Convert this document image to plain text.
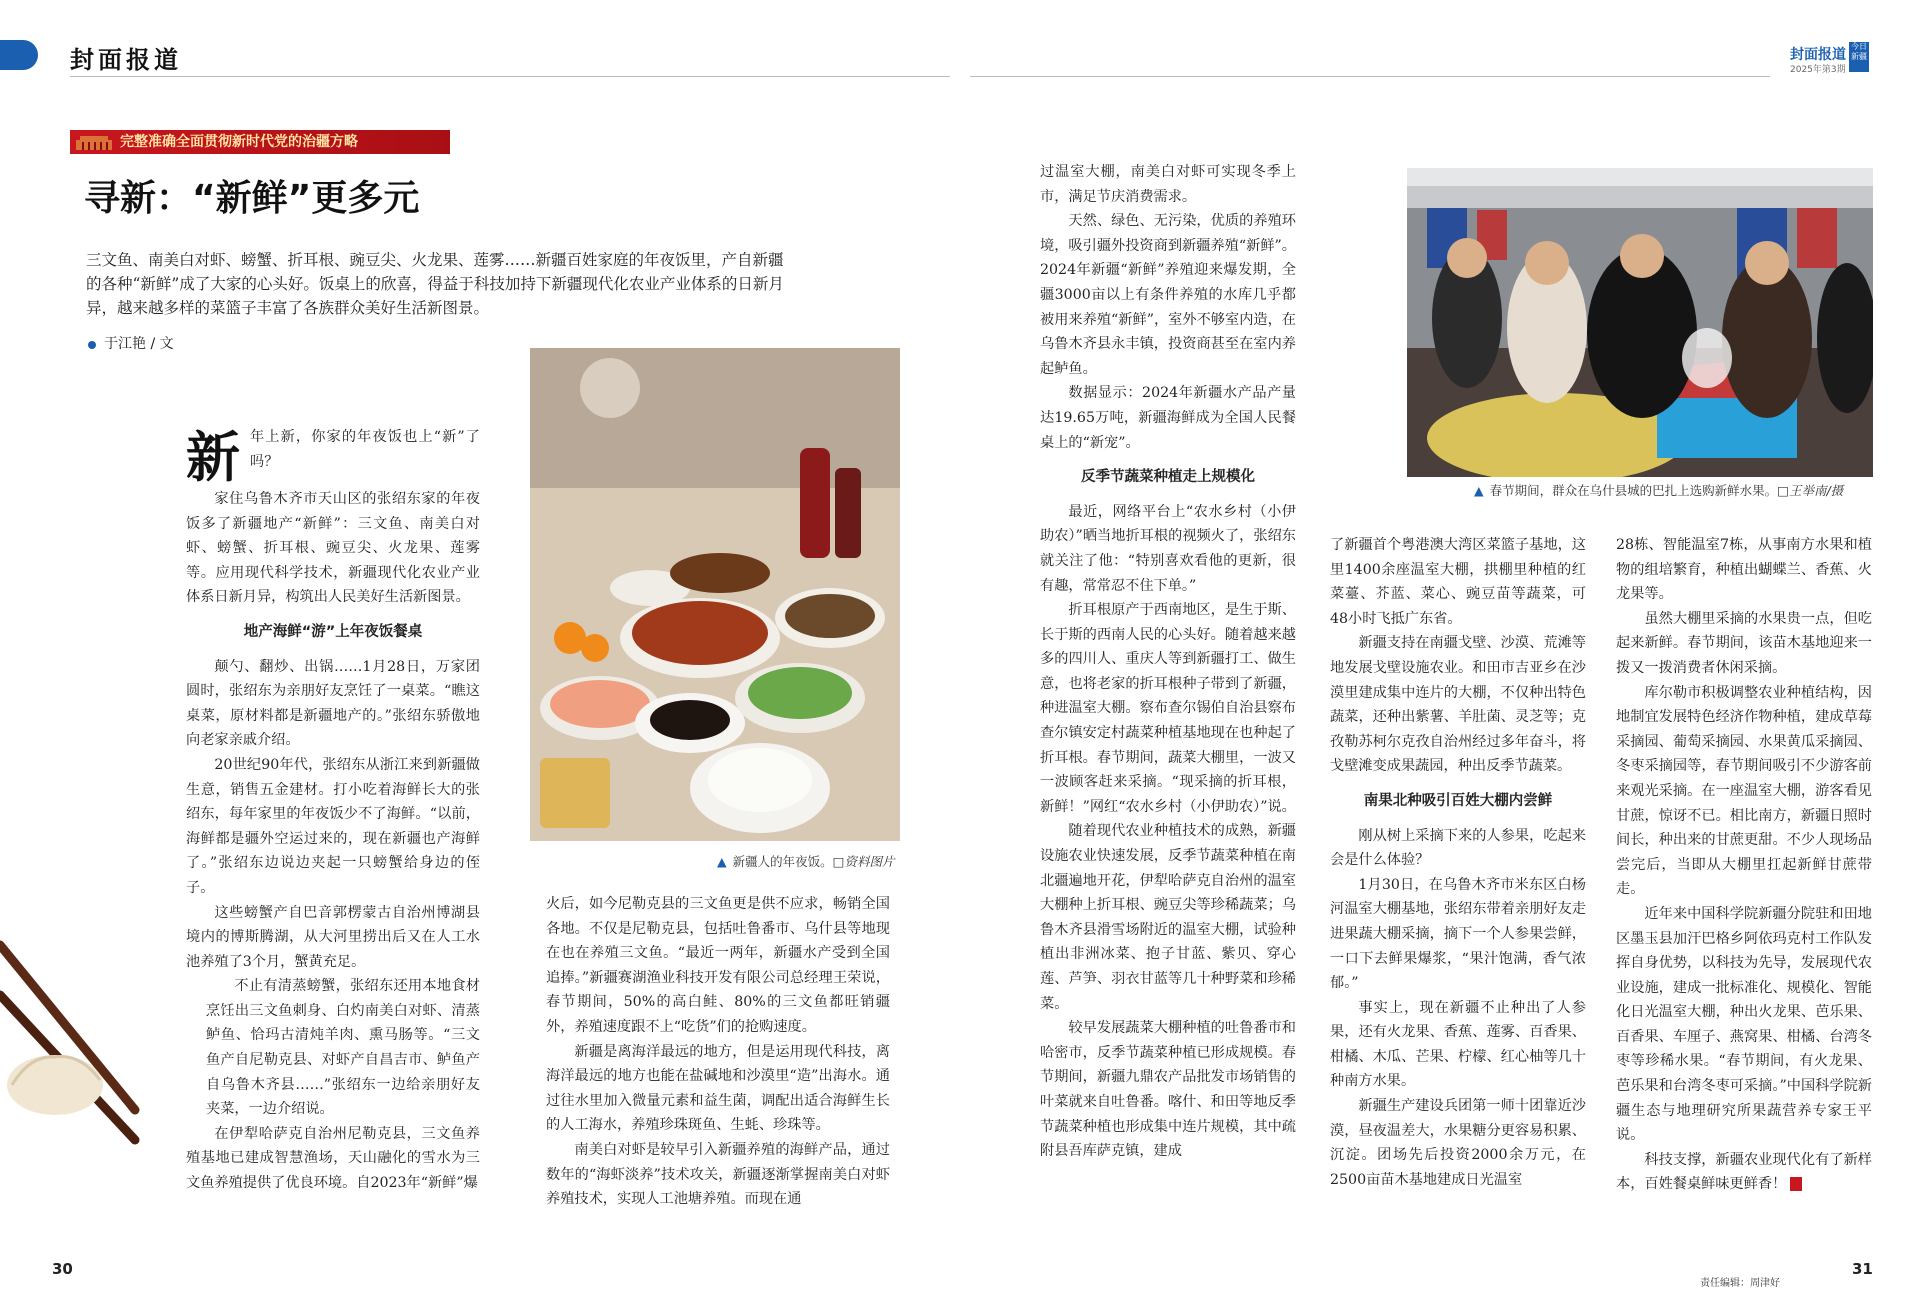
封面报道	封面报道
2025年第3期
今日新疆
完整准确全面贯彻新时代党的治疆方略
寻新：“新鲜”更多元
三文鱼、南美白对虾、螃蟹、折耳根、豌豆尖、火龙果、莲雾……新疆百姓家庭的年夜饭里，产自新疆的各种“新鲜”成了大家的心头好。饭桌上的欣喜，得益于科技加持下新疆现代化农业产业体系的日新月异，越来越多样的菜篮子丰富了各族群众美好生活新图景。
于江艳 / 文
▲ 新疆人的年夜饭。□资料图片
▲ 春节期间，群众在乌什县城的巴扎上选购新鲜水果。□王举南/摄
新 年上新，你家的年夜饭也上“新”了吗？

家住乌鲁木齐市天山区的张绍东家的年夜饭多了新疆地产“新鲜”：三文鱼、南美白对虾、螃蟹、折耳根、豌豆尖、火龙果、莲雾等。应用现代科学技术，新疆现代化农业产业体系日新月异，构筑出人民美好生活新图景。

地产海鲜“游”上年夜饭餐桌

颠勺、翻炒、出锅……1月28日，万家团圆时，张绍东为亲朋好友烹饪了一桌菜。“瞧这桌菜，原材料都是新疆地产的。”张绍东骄傲地向老家亲戚介绍。

20世纪90年代，张绍东从浙江来到新疆做生意，销售五金建材。打小吃着海鲜长大的张绍东，每年家里的年夜饭少不了海鲜。“以前，海鲜都是疆外空运过来的，现在新疆也产海鲜了。”张绍东边说边夹起一只螃蟹给身边的侄子。

这些螃蟹产自巴音郭楞蒙古自治州博湖县境内的博斯腾湖，从大河里捞出后又在人工水池养殖了3个月，蟹黄充足。

不止有清蒸螃蟹，张绍东还用本地食材烹饪出三文鱼刺身、白灼南美白对虾、清蒸鲈鱼、恰玛古清炖羊肉、熏马肠等。“三文鱼产自尼勒克县、对虾产自昌吉市、鲈鱼产自乌鲁木齐县……”张绍东一边给亲朋好友夹菜，一边介绍说。

在伊犁哈萨克自治州尼勒克县，三文鱼养殖基地已建成智慧渔场，天山融化的雪水为三文鱼养殖提供了优良环境。自2023年“新鲜”爆

火后，如今尼勒克县的三文鱼更是供不应求，畅销全国各地。不仅是尼勒克县，包括吐鲁番市、乌什县等地现在也在养殖三文鱼。“最近一两年，新疆水产受到全国追捧。”新疆赛湖渔业科技开发有限公司总经理王荣说，春节期间，50%的高白鲑、80%的三文鱼都旺销疆外，养殖速度跟不上“吃货”们的抢购速度。

新疆是离海洋最远的地方，但是运用现代科技，离海洋最远的地方也能在盐碱地和沙漠里“造”出海水。通过往水里加入微量元素和益生菌，调配出适合海鲜生长的人工海水，养殖珍珠斑鱼、生蚝、珍珠等。

南美白对虾是较早引入新疆养殖的海鲜产品，通过数年的“海虾淡养”技术攻关，新疆逐渐掌握南美白对虾养殖技术，实现人工池塘养殖。而现在通

过温室大棚，南美白对虾可实现冬季上市，满足节庆消费需求。

天然、绿色、无污染，优质的养殖环境，吸引疆外投资商到新疆养殖“新鲜”。2024年新疆“新鲜”养殖迎来爆发期，全疆3000亩以上有条件养殖的水库几乎都被用来养殖“新鲜”，室外不够室内造，在乌鲁木齐县永丰镇，投资商甚至在室内养起鲈鱼。

数据显示：2024年新疆水产品产量达19.65万吨，新疆海鲜成为全国人民餐桌上的“新宠”。

反季节蔬菜种植走上规模化

最近，网络平台上“农水乡村（小伊助农）”晒当地折耳根的视频火了，张绍东就关注了他：“特别喜欢看他的更新，很有趣，常常忍不住下单。”

折耳根原产于西南地区，是生于斯、长于斯的西南人民的心头好。随着越来越多的四川人、重庆人等到新疆打工、做生意，也将老家的折耳根种子带到了新疆，种进温室大棚。察布查尔锡伯自治县察布查尔镇安定村蔬菜种植基地现在也种起了折耳根。春节期间，蔬菜大棚里，一波又一波顾客赶来采摘。“现采摘的折耳根，新鲜！”网红“农水乡村（小伊助农）”说。

随着现代农业种植技术的成熟，新疆设施农业快速发展，反季节蔬菜种植在南北疆遍地开花，伊犁哈萨克自治州的温室大棚种上折耳根、豌豆尖等珍稀蔬菜；乌鲁木齐县滑雪场附近的温室大棚，试验种植出非洲冰菜、抱子甘蓝、紫贝、穿心莲、芦笋、羽衣甘蓝等几十种野菜和珍稀菜。

较早发展蔬菜大棚种植的吐鲁番市和哈密市，反季节蔬菜种植已形成规模。春节期间，新疆九鼎农产品批发市场销售的叶菜就来自吐鲁番。喀什、和田等地反季节蔬菜种植也形成集中连片规模，其中疏附县吾库萨克镇，建成

了新疆首个粤港澳大湾区菜篮子基地，这里1400余座温室大棚，拱棚里种植的红菜薹、芥蓝、菜心、豌豆苗等蔬菜，可48小时飞抵广东省。

新疆支持在南疆戈壁、沙漠、荒滩等地发展戈壁设施农业。和田市吉亚乡在沙漠里建成集中连片的大棚，不仅种出特色蔬菜，还种出紫薯、羊肚菌、灵芝等；克孜勒苏柯尔克孜自治州经过多年奋斗，将戈壁滩变成果蔬园，种出反季节蔬菜。

南果北种吸引百姓大棚内尝鲜

刚从树上采摘下来的人参果，吃起来会是什么体验？

1月30日，在乌鲁木齐市米东区白杨河温室大棚基地，张绍东带着亲朋好友走进果蔬大棚采摘，摘下一个人参果尝鲜，一口下去鲜果爆浆，“果汁饱满，香气浓郁。”

事实上，现在新疆不止种出了人参果，还有火龙果、香蕉、莲雾、百香果、柑橘、木瓜、芒果、柠檬、红心柚等几十种南方水果。

新疆生产建设兵团第一师十团靠近沙漠，昼夜温差大，水果糖分更容易积累、沉淀。团场先后投资2000余万元，在2500亩苗木基地建成日光温室

28栋、智能温室7栋，从事南方水果和植物的组培繁育，种植出蝴蝶兰、香蕉、火龙果等。

虽然大棚里采摘的水果贵一点，但吃起来新鲜。春节期间，该苗木基地迎来一拨又一拨消费者休闲采摘。

库尔勒市积极调整农业种植结构，因地制宜发展特色经济作物种植，建成草莓采摘园、葡萄采摘园、水果黄瓜采摘园、冬枣采摘园等，春节期间吸引不少游客前来观光采摘。在一座温室大棚，游客看见甘蔗，惊讶不已。相比南方，新疆日照时间长，种出来的甘蔗更甜。不少人现场品尝完后，当即从大棚里扛起新鲜甘蔗带走。

近年来中国科学院新疆分院驻和田地区墨玉县加汗巴格乡阿依玛克村工作队发挥自身优势，以科技为先导，发展现代农业设施，建成一批标准化、规模化、智能化日光温室大棚，种出火龙果、芭乐果、百香果、车厘子、燕窝果、柑橘、台湾冬枣等珍稀水果。“春节期间，有火龙果、芭乐果和台湾冬枣可采摘。”中国科学院新疆生态与地理研究所果蔬营养专家王平说。

科技支撑，新疆农业现代化有了新样本，百姓餐桌鲜味更鲜香！

30	31
责任编辑：周津好
